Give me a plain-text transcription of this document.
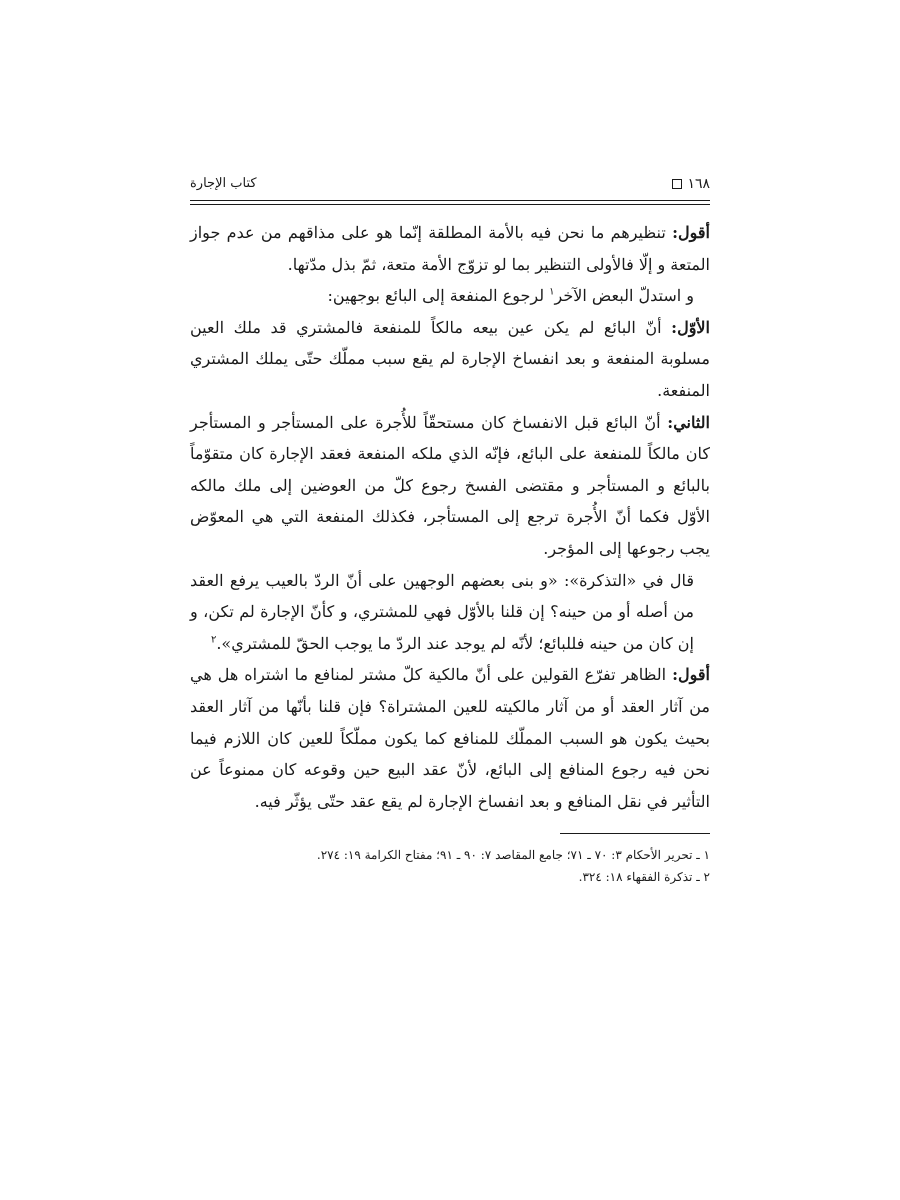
١٦٨
كتاب الإجارة

أقول: تنظيرهم ما نحن فيه بالأمة المطلقة إنّما هو على مذاقهم من عدم جواز المتعة و إلّا فالأولى التنظير بما لو تزوّج الأمة متعة، ثمّ بذل مدّتها.

و استدلّ البعض الآخر$^١$ لرجوع المنفعة إلى البائع بوجهين:

الأوّل: أنّ البائع لم يكن عين بيعه مالكاً للمنفعة فالمشتري قد ملك العين مسلوبة المنفعة و بعد انفساخ الإجارة لم يقع سبب مملّك حتّى يملك المشتري المنفعة.

الثاني: أنّ البائع قبل الانفساخ كان مستحقّاً للأُجرة على المستأجر و المستأجر كان مالكاً للمنفعة على البائع، فإنّه الذي ملكه المنفعة فعقد الإجارة كان متقوّماً بالبائع و المستأجر و مقتضى الفسخ رجوع كلّ من العوضين إلى ملك مالكه الأوّل فكما أنّ الأُجرة ترجع إلى المستأجر، فكذلك المنفعة التي هي المعوّض يجب رجوعها إلى المؤجر.

قال في «التذكرة»: «و بنى بعضهم الوجهين على أنّ الردّ بالعيب يرفع العقد من أصله أو من حينه؟ إن قلنا بالأوّل فهي للمشتري، و كأنّ الإجارة لم تكن، و إن كان من حينه فللبائع؛ لأنّه لم يوجد عند الردّ ما يوجب الحقّ للمشتري».$^٢$

أقول: الظاهر تفرّع القولين على أنّ مالكية كلّ مشتر لمنافع ما اشتراه هل هي من آثار العقد أو من آثار مالكيته للعين المشتراة؟ فإن قلنا بأنّها من آثار العقد بحيث يكون هو السبب المملّك للمنافع كما يكون مملّكاً للعين كان اللازم فيما نحن فيه رجوع المنافع إلى البائع، لأنّ عقد البيع حين وقوعه كان ممنوعاً عن التأثير في نقل المنافع و بعد انفساخ الإجارة لم يقع عقد حتّى يؤثّر فيه.

١ ـ تحرير الأحكام ٣: ٧٠ ـ ٧١؛ جامع المقاصد ٧: ٩٠ ـ ٩١؛ مفتاح الكرامة ١٩: ٢٧٤.
٢ ـ تذكرة الفقهاء ١٨: ٣٢٤.
